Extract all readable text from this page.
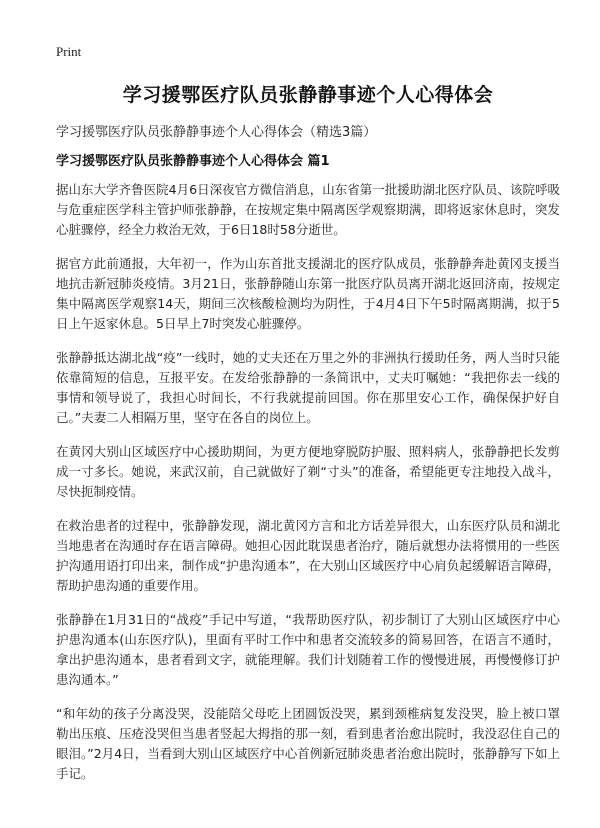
Print
学习援鄂医疗队员张静静事迹个人心得体会

学习援鄂医疗队员张静静事迹个人心得体会（精选3篇）

学习援鄂医疗队员张静静事迹个人心得体会 篇1

据山东大学齐鲁医院4月6日深夜官方微信消息，山东省第一批援助湖北医疗队员、该院呼吸与危重症医学科主管护师张静静，在按规定集中隔离医学观察期满，即将返家休息时，突发心脏骤停，经全力救治无效，于6日18时58分逝世。

据官方此前通报，大年初一，作为山东首批支援湖北的医疗队成员，张静静奔赴黄冈支援当地抗击新冠肺炎疫情。3月21日，张静静随山东第一批医疗队员离开湖北返回济南，按规定集中隔离医学观察14天，期间三次核酸检测均为阴性，于4月4日下午5时隔离期满，拟于5日上午返家休息。5日早上7时突发心脏骤停。

张静静抵达湖北战“疫”一线时，她的丈夫还在万里之外的非洲执行援助任务，两人当时只能依靠简短的信息，互报平安。在发给张静静的一条简讯中，丈夫叮嘱她：“我把你去一线的事情和领导说了，我担心时间长，不行我就提前回国。你在那里安心工作，确保保护好自己。”夫妻二人相隔万里，坚守在各自的岗位上。

在黄冈大别山区域医疗中心援助期间，为更方便地穿脱防护服、照料病人，张静静把长发剪成一寸多长。她说，来武汉前，自己就做好了剃“寸头”的准备，希望能更专注地投入战斗，尽快扼制疫情。

在救治患者的过程中，张静静发现，湖北黄冈方言和北方话差异很大，山东医疗队员和湖北当地患者在沟通时存在语言障碍。她担心因此耽误患者治疗，随后就想办法将惯用的一些医护沟通用语打印出来，制作成“护患沟通本”，在大别山区域医疗中心肩负起缓解语言障碍，帮助护患沟通的重要作用。

张静静在1月31日的“战疫”手记中写道，“我帮助医疗队，初步制订了大别山区域医疗中心护患沟通本(山东医疗队)，里面有平时工作中和患者交流较多的简易回答，在语言不通时，拿出护患沟通本，患者看到文字，就能理解。我们计划随着工作的慢慢进展，再慢慢修订护患沟通本。”

“和年幼的孩子分离没哭，没能陪父母吃上团圆饭没哭，累到颈椎病复发没哭，脸上被口罩勒出压痕、压疮没哭但当患者竖起大拇指的那一刻，看到患者治愈出院时，我没忍住自己的眼泪。”2月4日，当看到大别山区域医疗中心首例新冠肺炎患者治愈出院时，张静静写下如上手记。
